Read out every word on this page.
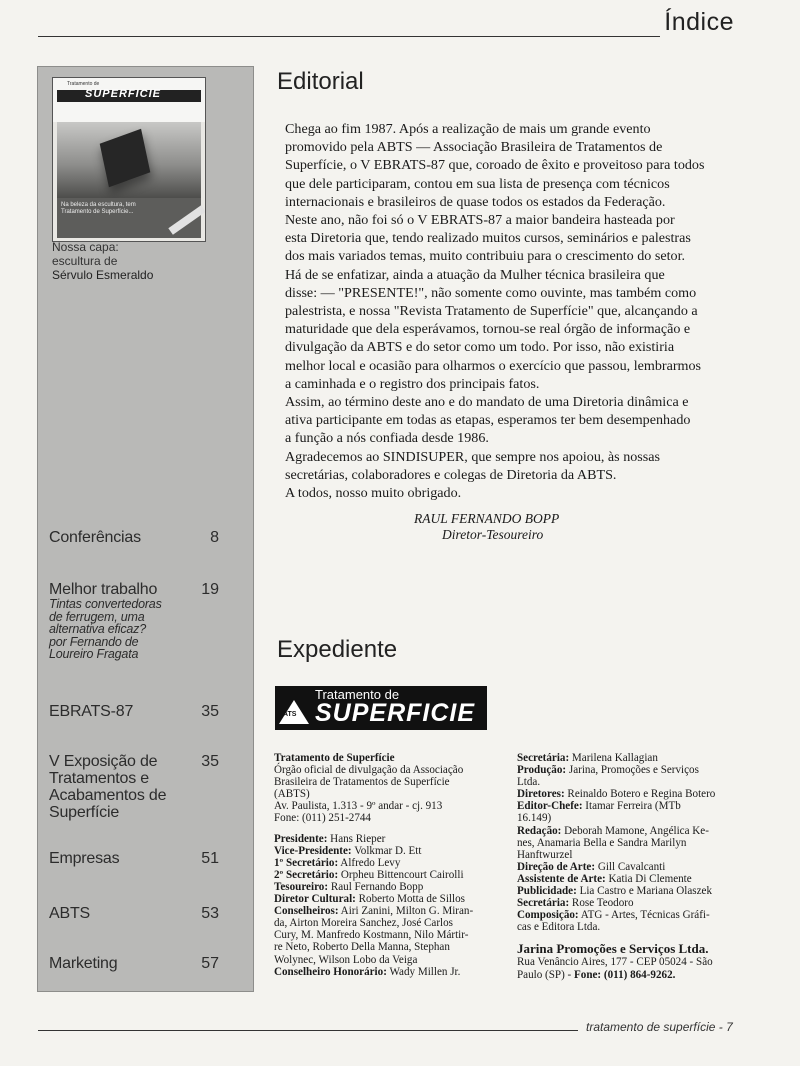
Índice
Tratamento de
SUPERFICIE
Na beleza da escultura, tem Tratamento de Superfície...
Nossa capa:
escultura de
Sérvulo Esmeraldo
Conferências	8
Melhor trabalho	19
Tintas convertedoras
de ferrugem, uma
alternativa eficaz?
por Fernando de
Loureiro Fragata
EBRATS-87	35
V Exposição de	35
Tratamentos e
Acabamentos de
Superfície
Empresas	51
ABTS	53
Marketing	57
Editorial

Chega ao fim 1987. Após a realização de mais um grande evento

promovido pela ABTS — Associação Brasileira de Tratamentos de

Superfície, o V EBRATS-87 que, coroado de êxito e proveitoso para todos

que dele participaram, contou em sua lista de presença com técnicos

internacionais e brasileiros de quase todos os estados da Federação.

Neste ano, não foi só o V EBRATS-87 a maior bandeira hasteada por

esta Diretoria que, tendo realizado muitos cursos, seminários e palestras

dos mais variados temas, muito contribuiu para o crescimento do setor.

Há de se enfatizar, ainda a atuação da Mulher técnica brasileira que

disse: — "PRESENTE!", não somente como ouvinte, mas também como

palestrista, e nossa "Revista Tratamento de Superfície" que, alcançando a

maturidade que dela esperávamos, tornou-se real órgão de informação e

divulgação da ABTS e do setor como um todo. Por isso, não existiria

melhor local e ocasião para olharmos o exercício que passou, lembrarmos

a caminhada e o registro dos principais fatos.

Assim, ao término deste ano e do mandato de uma Diretoria dinâmica e

ativa participante em todas as etapas, esperamos ter bem desempenhado

a função a nós confiada desde 1986.

Agradecemos ao SINDISUPER, que sempre nos apoiou, às nossas

secretárias, colaboradores e colegas de Diretoria da ABTS.

A todos, nosso muito obrigado.

RAUL FERNANDO BOPP
Diretor-Tesoureiro
Expediente
ATS
Tratamento de
SUPERFICIE
Tratamento de Superfície
Órgão oficial de divulgação da Associação
Brasileira de Tratamentos de Superfície
(ABTS)
Av. Paulista, 1.313 - 9º andar - cj. 913
Fone: (011) 251-2744
Presidente: Hans Rieper
Vice-Presidente: Volkmar D. Ett
1º Secretário: Alfredo Levy
2º Secretário: Orpheu Bittencourt Cairolli
Tesoureiro: Raul Fernando Bopp
Diretor Cultural: Roberto Motta de Sillos
Conselheiros: Airi Zanini, Milton G. Miran-
da, Airton Moreira Sanchez, José Carlos
Cury, M. Manfredo Kostmann, Nilo Mártir-
re Neto, Roberto Della Manna, Stephan
Wolynec, Wilson Lobo da Veiga
Conselheiro Honorário: Wady Millen Jr.
Secretária: Marilena Kallagian
Produção: Jarina, Promoções e Serviços
Ltda.
Diretores: Reinaldo Botero e Regina Botero
Editor-Chefe: Itamar Ferreira (MTb
16.149)
Redação: Deborah Mamone, Angélica Ke-
nes, Anamaria Bella e Sandra Marilyn
Hanftwurzel
Direção de Arte: Gill Cavalcanti
Assistente de Arte: Katia Di Clemente
Publicidade: Lia Castro e Mariana Olaszek
Secretária: Rose Teodoro
Composição: ATG - Artes, Técnicas Gráfi-
cas e Editora Ltda.
Jarina Promoções e Serviços Ltda.
Rua Venâncio Aires, 177 - CEP 05024 - São
Paulo (SP) - Fone: (011) 864-9262.
tratamento de superfície - 7
